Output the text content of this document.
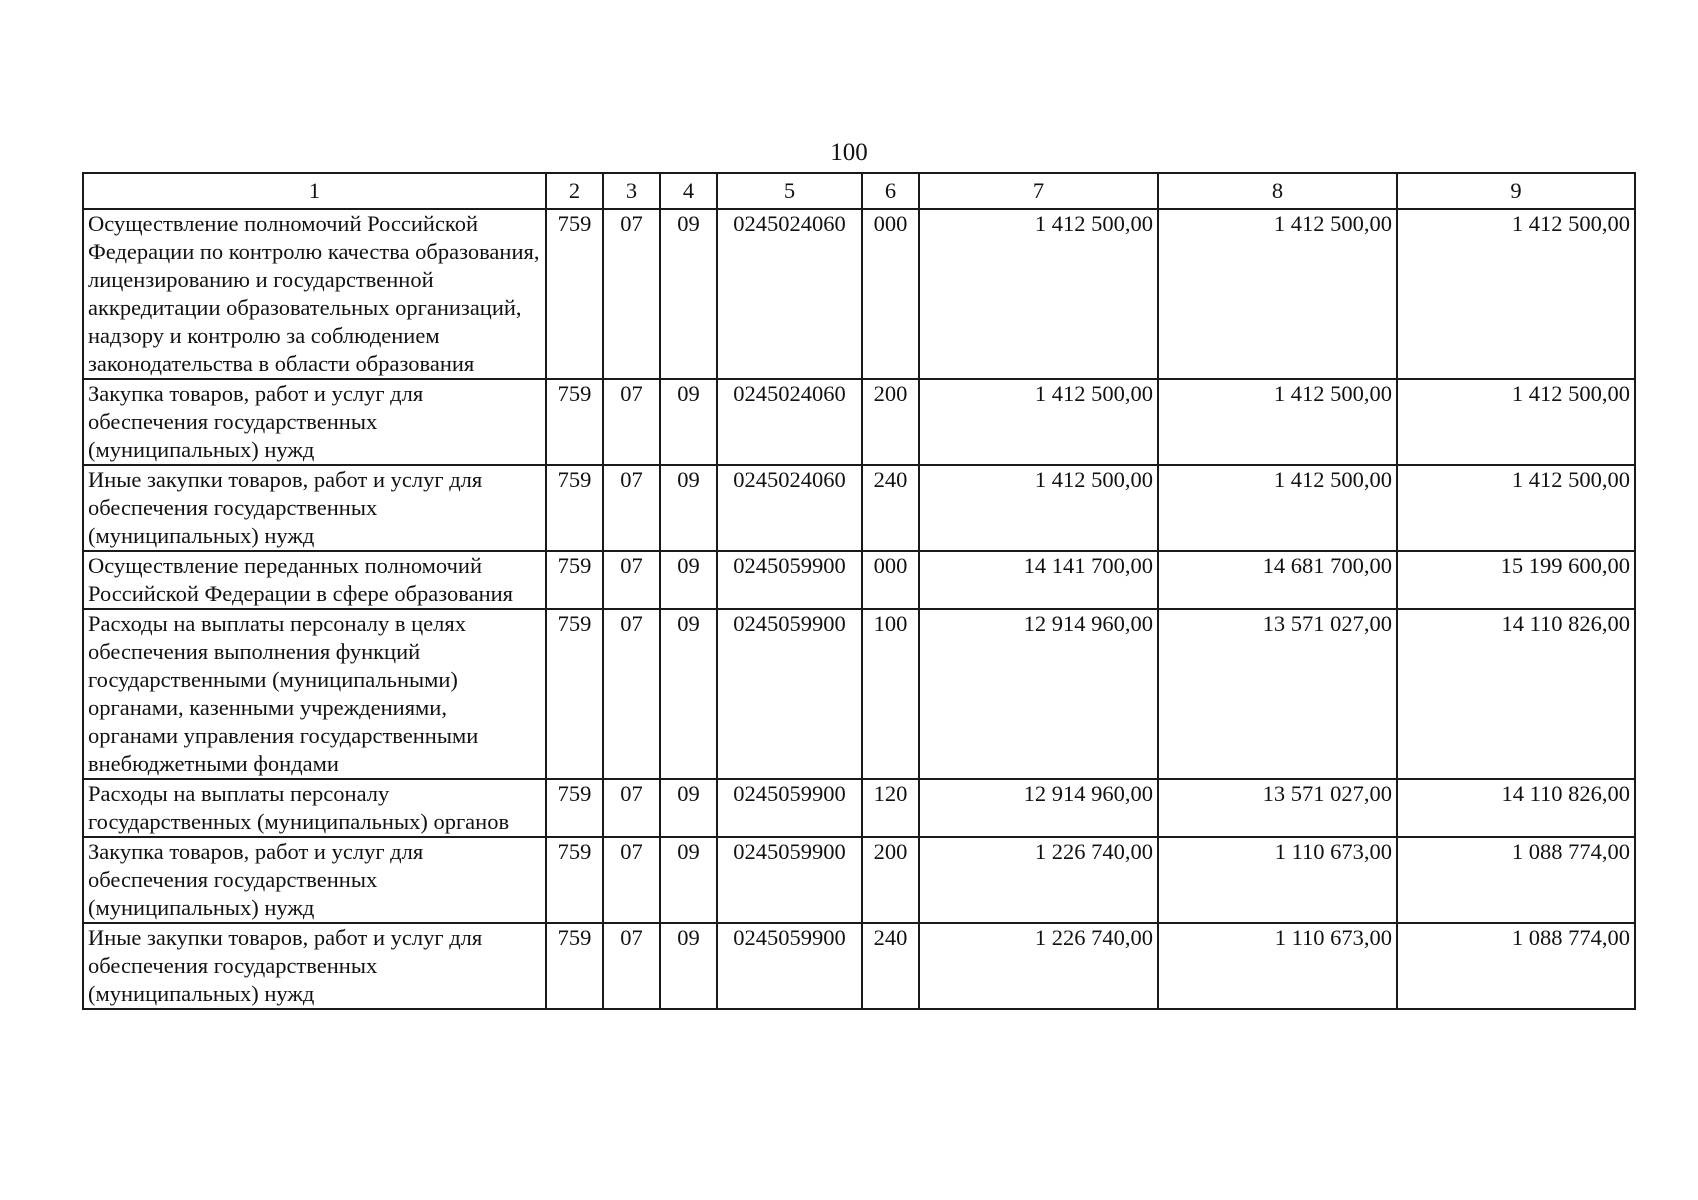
100
1	2	3	4	5	6	7	8	9
Осуществление полномочий Российской Федерации по контролю качества образования, лицензированию и государственной аккредитации образовательных организаций, надзору и контролю за соблюдением законодательства в области образования	759	07	09	0245024060	000	1 412 500,00	1 412 500,00	1 412 500,00
Закупка товаров, работ и услуг для обеспечения государственных (муниципальных) нужд	759	07	09	0245024060	200	1 412 500,00	1 412 500,00	1 412 500,00
Иные закупки товаров, работ и услуг для обеспечения государственных (муниципальных) нужд	759	07	09	0245024060	240	1 412 500,00	1 412 500,00	1 412 500,00
Осуществление переданных полномочий Российской Федерации в сфере образования	759	07	09	0245059900	000	14 141 700,00	14 681 700,00	15 199 600,00
Расходы на выплаты персоналу в целях обеспечения выполнения функций государственными (муниципальными) органами, казенными учреждениями, органами управления государственными внебюджетными фондами	759	07	09	0245059900	100	12 914 960,00	13 571 027,00	14 110 826,00
Расходы на выплаты персоналу государственных (муниципальных) органов	759	07	09	0245059900	120	12 914 960,00	13 571 027,00	14 110 826,00
Закупка товаров, работ и услуг для обеспечения государственных (муниципальных) нужд	759	07	09	0245059900	200	1 226 740,00	1 110 673,00	1 088 774,00
Иные закупки товаров, работ и услуг для обеспечения государственных (муниципальных) нужд	759	07	09	0245059900	240	1 226 740,00	1 110 673,00	1 088 774,00
